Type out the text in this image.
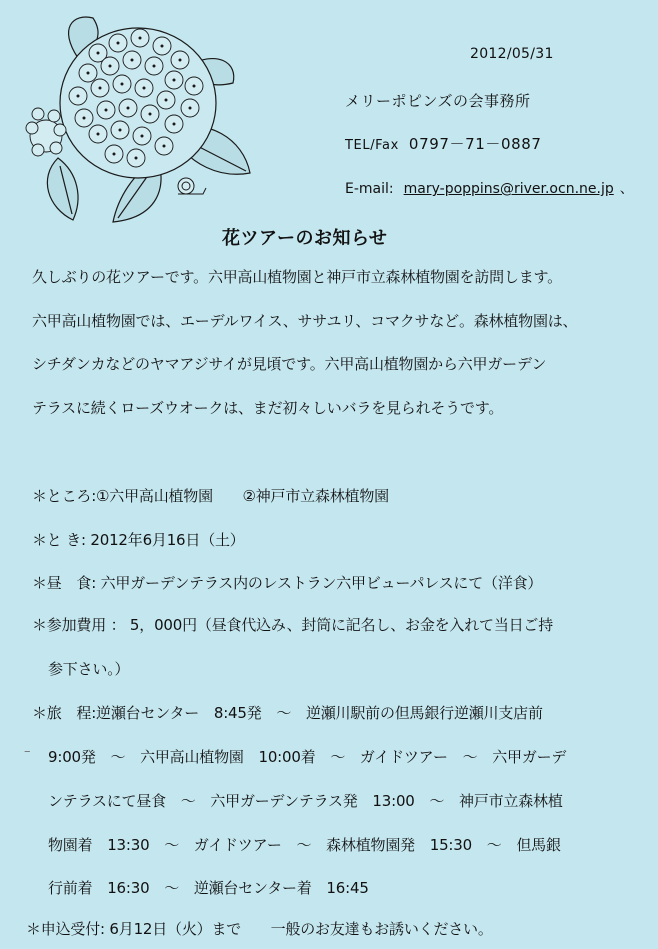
2012/05/31
メリーポピンズの会事務所
TEL/Fax 0797－71－0887
E-mail: mary-poppins@river.ocn.ne.jp 、
花ツアーのお知らせ
久しぶりの花ツアーです。六甲高山植物園と神戸市立森林植物園を訪問します。
六甲高山植物園では、エーデルワイス、ササユリ、コマクサなど。森林植物園は、
シチダンカなどのヤマアジサイが見頃です。六甲高山植物園から六甲ガーデン
テラスに続くローズウオークは、まだ初々しいバラを見られそうです。
＊ところ:①六甲高山植物園　　②神戸市立森林植物園
＊と き: 2012年6月16日（土）
＊昼　食: 六甲ガーデンテラス内のレストラン六甲ビューパレスにて（洋食）
＊参加費用 ： 5，000円（昼食代込み、封筒に記名し、お金を入れて当日ご持
参下さい。）
＊旅　程:逆瀬台センター　8:45発　～　逆瀬川駅前の但馬銀行逆瀬川支店前
9:00発　～　六甲高山植物園　10:00着　～　ガイドツアー　～　六甲ガーデ
ンテラスにて昼食　～　六甲ガーデンテラス発　13:00　～　神戸市立森林植
物園着　13:30　～　ガイドツアー　～　森林植物園発　15:30　～　但馬銀
行前着　16:30　～　逆瀬台センター着　16:45
＊申込受付: 6月12日（火）まで　　一般のお友達もお誘いください。
–
